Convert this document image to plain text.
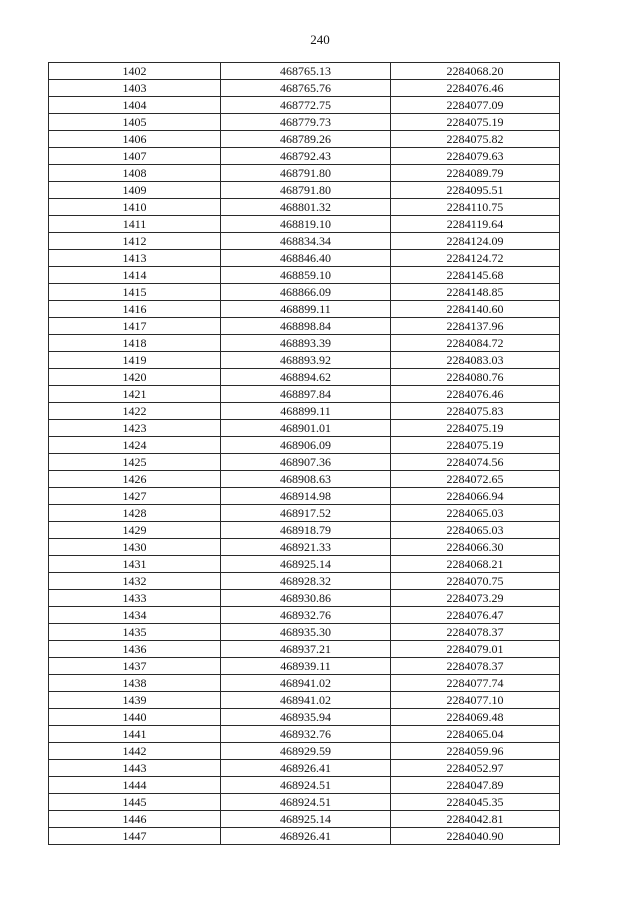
240
1402	468765.13	2284068.20
1403	468765.76	2284076.46
1404	468772.75	2284077.09
1405	468779.73	2284075.19
1406	468789.26	2284075.82
1407	468792.43	2284079.63
1408	468791.80	2284089.79
1409	468791.80	2284095.51
1410	468801.32	2284110.75
1411	468819.10	2284119.64
1412	468834.34	2284124.09
1413	468846.40	2284124.72
1414	468859.10	2284145.68
1415	468866.09	2284148.85
1416	468899.11	2284140.60
1417	468898.84	2284137.96
1418	468893.39	2284084.72
1419	468893.92	2284083.03
1420	468894.62	2284080.76
1421	468897.84	2284076.46
1422	468899.11	2284075.83
1423	468901.01	2284075.19
1424	468906.09	2284075.19
1425	468907.36	2284074.56
1426	468908.63	2284072.65
1427	468914.98	2284066.94
1428	468917.52	2284065.03
1429	468918.79	2284065.03
1430	468921.33	2284066.30
1431	468925.14	2284068.21
1432	468928.32	2284070.75
1433	468930.86	2284073.29
1434	468932.76	2284076.47
1435	468935.30	2284078.37
1436	468937.21	2284079.01
1437	468939.11	2284078.37
1438	468941.02	2284077.74
1439	468941.02	2284077.10
1440	468935.94	2284069.48
1441	468932.76	2284065.04
1442	468929.59	2284059.96
1443	468926.41	2284052.97
1444	468924.51	2284047.89
1445	468924.51	2284045.35
1446	468925.14	2284042.81
1447	468926.41	2284040.90
